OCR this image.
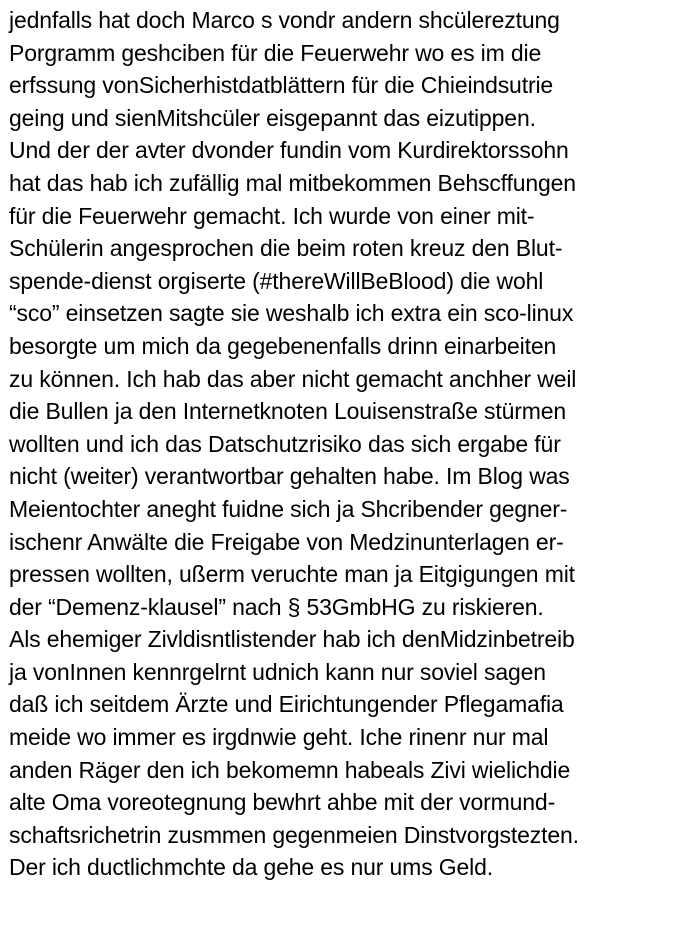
jednfalls hat doch Marco s vondr andern shcülereztung
Porgramm geshciben für die Feuerwehr wo es im die
erfssung vonSicherhistdatblättern für die Chieindsutrie
geing und sienMitshcüler eisgepannt das eizutippen.
Und der der avter dvonder fundin vom Kurdirektorssohn
hat das hab ich zufällig mal mitbekommen Behscffungen
für die Feuerwehr gemacht. Ich wurde von einer mit-
Schülerin angesprochen die beim roten kreuz den Blut-
spende-dienst orgiserte (#thereWillBeBlood) die wohl
“sco” einsetzen sagte sie weshalb ich extra ein sco-linux
besorgte um mich da gegebenenfalls drinn einarbeiten
zu können. Ich hab das aber nicht gemacht anchher weil
die Bullen ja den Internetknoten Louisenstraße stürmen
wollten und ich das Datschutzrisiko das sich ergabe für
nicht (weiter) verantwortbar gehalten habe. Im Blog was
Meientochter aneght fuidne sich ja Shcribender gegner-
ischenr Anwälte die Freigabe von Medzinunterlagen er-
pressen wollten, ußerm veruchte man ja Eitgigungen mit
der “Demenz-klausel” nach § 53GmbHG zu riskieren.
Als ehemiger Zivldisntlistender hab ich denMidzinbetreib
ja vonInnen kennrgelrnt udnich kann nur soviel sagen
daß ich seitdem Ärzte und Eirichtungender Pflegamafia
meide wo immer es irgdnwie geht. Iche rinenr nur mal
anden Räger den ich bekomemn habeals Zivi wielichdie
alte Oma voreotegnung bewhrt ahbe mit der vormund-
schaftsrichetrin zusmmen gegenmeien Dinstvorgstezten.
Der ich ductlichmchte da gehe es nur ums Geld.
